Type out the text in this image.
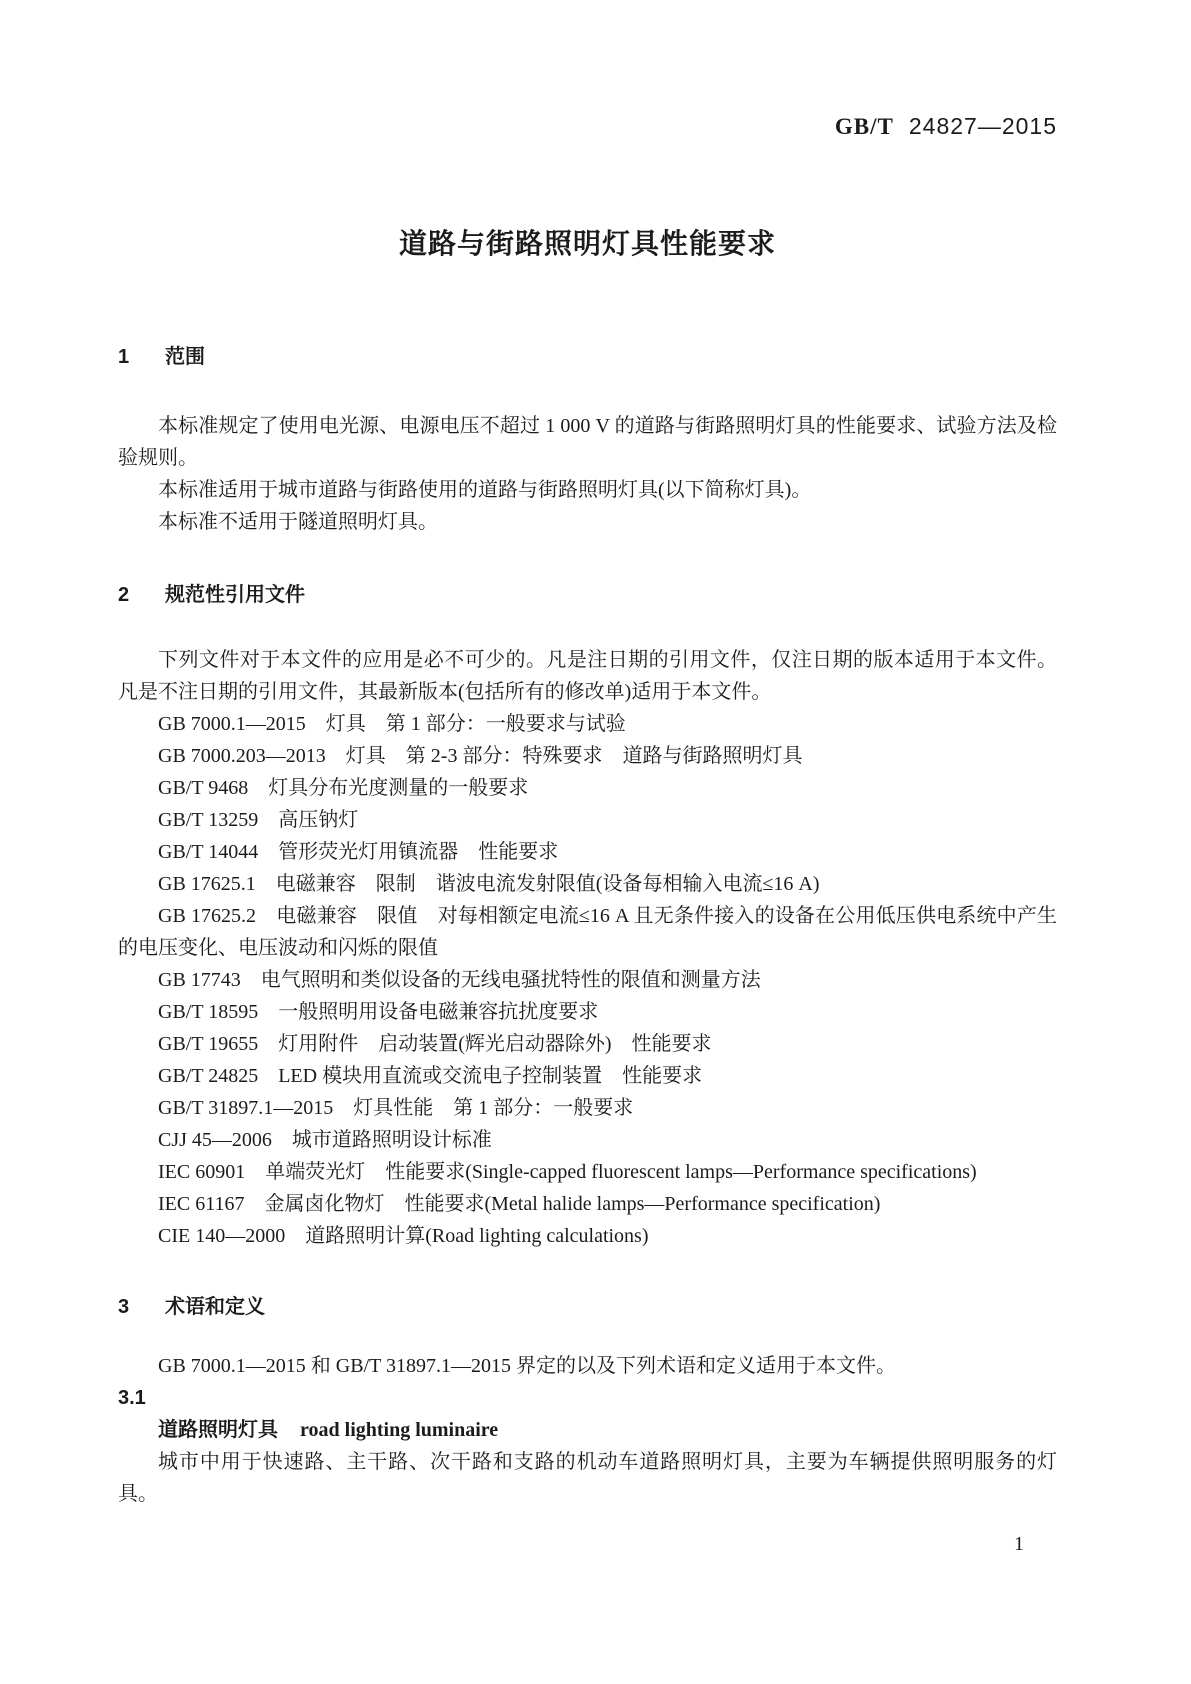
GB/T 24827—2015
道路与街路照明灯具性能要求
1 范围

本标准规定了使用电光源、电源电压不超过 1 000 V 的道路与街路照明灯具的性能要求、试验方法及检验规则。

本标准适用于城市道路与街路使用的道路与街路照明灯具(以下简称灯具)。

本标准不适用于隧道照明灯具。

2 规范性引用文件

下列文件对于本文件的应用是必不可少的。凡是注日期的引用文件，仅注日期的版本适用于本文件。凡是不注日期的引用文件，其最新版本(包括所有的修改单)适用于本文件。

GB 7000.1—2015　灯具　第 1 部分：一般要求与试验

GB 7000.203—2013　灯具　第 2-3 部分：特殊要求　道路与街路照明灯具

GB/T 9468　灯具分布光度测量的一般要求

GB/T 13259　高压钠灯

GB/T 14044　管形荧光灯用镇流器　性能要求

GB 17625.1　电磁兼容　限制　谐波电流发射限值(设备每相输入电流≤16 A)

GB 17625.2　电磁兼容　限值　对每相额定电流≤16 A 且无条件接入的设备在公用低压供电系统中产生的电压变化、电压波动和闪烁的限值

GB 17743　电气照明和类似设备的无线电骚扰特性的限值和测量方法

GB/T 18595　一般照明用设备电磁兼容抗扰度要求

GB/T 19655　灯用附件　启动装置(辉光启动器除外)　性能要求

GB/T 24825　LED 模块用直流或交流电子控制装置　性能要求

GB/T 31897.1—2015　灯具性能　第 1 部分：一般要求

CJJ 45—2006　城市道路照明设计标准

IEC 60901　单端荧光灯　性能要求(Single-capped fluorescent lamps—Performance specifications)

IEC 61167　金属卤化物灯　性能要求(Metal halide lamps—Performance specification)

CIE 140—2000　道路照明计算(Road lighting calculations)

3 术语和定义

GB 7000.1—2015 和 GB/T 31897.1—2015 界定的以及下列术语和定义适用于本文件。

3.1

道路照明灯具 road lighting luminaire

城市中用于快速路、主干路、次干路和支路的机动车道路照明灯具，主要为车辆提供照明服务的灯具。

1
